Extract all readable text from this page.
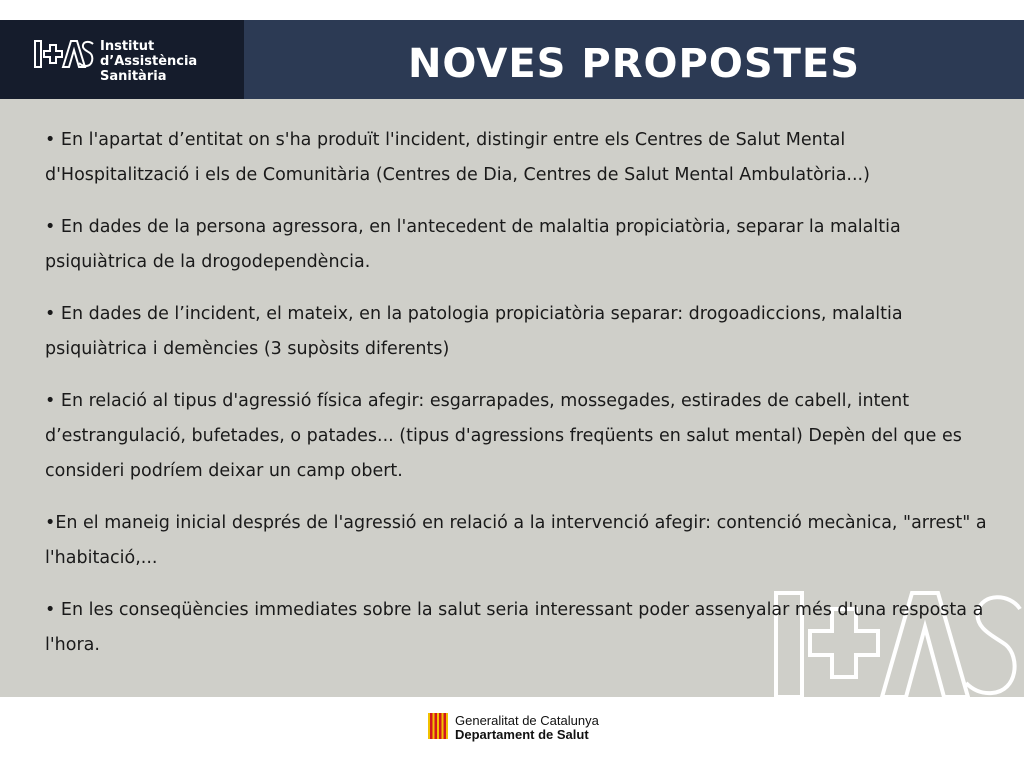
Institut
d’Assistència
Sanitària	NOVES PROPOSTES

• En l'apartat d’entitat on s'ha produït l'incident, distingir entre els Centres de Salut Mental d'Hospitalització i els de Comunitària (Centres de Dia, Centres de Salut Mental Ambulatòria...)

• En dades de la persona agressora, en l'antecedent de malaltia propiciatòria, separar la malaltia psiquiàtrica de la drogodependència.

• En dades de l’incident, el mateix, en la patologia propiciatòria separar: drogoadiccions, malaltia psiquiàtrica i demències (3 supòsits diferents)

• En relació al tipus d'agressió física afegir: esgarrapades, mossegades, estirades de cabell, intent d’estrangulació, bufetades, o patades... (tipus d'agressions freqüents en salut mental) Depèn del que es consideri podríem deixar un camp obert.

•En el maneig inicial després de l'agressió en relació a la intervenció afegir: contenció mecànica, "arrest" a l'habitació,...

• En les conseqüències immediates sobre la salut seria interessant poder assenyalar més d'una resposta a l'hora.

Generalitat de Catalunya
Departament de Salut
